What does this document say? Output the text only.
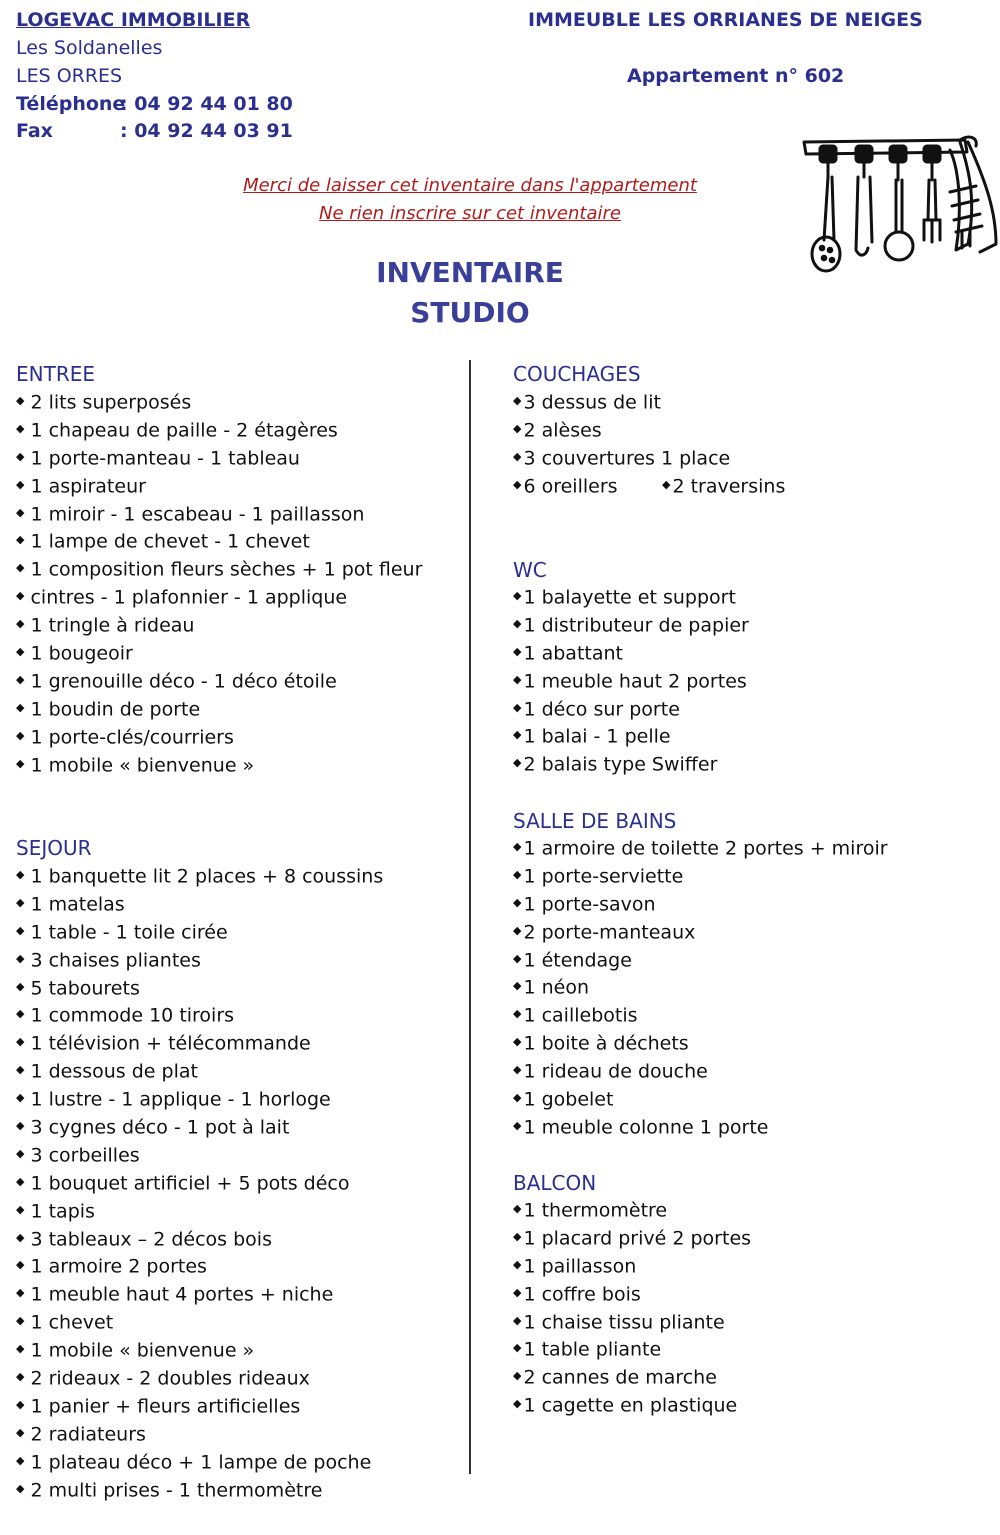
LOGEVAC IMMOBILIER
Les Soldanelles
LES ORRES
Téléphone
: 04 92 44 01 80
Fax	: 04 92 44 03 91
IMMEUBLE LES ORRIANES DE NEIGES
Appartement n° 602
Merci de laisser cet inventaire dans l'appartement
Ne rien inscrire sur cet inventaire
INVENTAIRE
STUDIO
ENTREE
◆ 2 lits superposés
◆ 1 chapeau de paille - 2 étagères
◆ 1 porte-manteau - 1 tableau
◆ 1 aspirateur
◆ 1 miroir - 1 escabeau - 1 paillasson
◆ 1 lampe de chevet - 1 chevet
◆ 1 composition fleurs sèches + 1 pot fleur
◆ cintres - 1 plafonnier - 1 applique
◆ 1 tringle à rideau
◆ 1 bougeoir
◆ 1 grenouille déco - 1 déco étoile
◆ 1 boudin de porte
◆ 1 porte-clés/courriers
◆ 1 mobile « bienvenue »
SEJOUR
◆ 1 banquette lit 2 places + 8 coussins
◆ 1 matelas
◆ 1 table - 1 toile cirée
◆ 3 chaises pliantes
◆ 5 tabourets
◆ 1 commode 10 tiroirs
◆ 1 télévision + télécommande
◆ 1 dessous de plat
◆ 1 lustre - 1 applique - 1 horloge
◆ 3 cygnes déco - 1 pot à lait
◆ 3 corbeilles
◆ 1 bouquet artificiel + 5 pots déco
◆ 1 tapis
◆ 3 tableaux – 2 décos bois
◆ 1 armoire 2 portes
◆ 1 meuble haut 4 portes + niche
◆ 1 chevet
◆ 1 mobile « bienvenue »
◆ 2 rideaux - 2 doubles rideaux
◆ 1 panier + fleurs artificielles
◆ 2 radiateurs
◆ 1 plateau déco + 1 lampe de poche
◆ 2 multi prises - 1 thermomètre
COUCHAGES
◆ 3 dessus de lit
◆ 2 alèses
◆ 3 couvertures 1 place
◆ 6 oreillers	◆ 2 traversins
WC
◆ 1 balayette et support
◆ 1 distributeur de papier
◆ 1 abattant
◆ 1 meuble haut 2 portes
◆ 1 déco sur porte
◆ 1 balai - 1 pelle
◆ 2 balais type Swiffer
SALLE DE BAINS
◆ 1 armoire de toilette 2 portes + miroir
◆ 1 porte-serviette
◆ 1 porte-savon
◆ 2 porte-manteaux
◆ 1 étendage
◆ 1 néon
◆ 1 caillebotis
◆ 1 boite à déchets
◆ 1 rideau de douche
◆ 1 gobelet
◆ 1 meuble colonne 1 porte
BALCON
◆ 1 thermomètre
◆ 1 placard privé 2 portes
◆ 1 paillasson
◆ 1 coffre bois
◆ 1 chaise tissu pliante
◆ 1 table pliante
◆ 2 cannes de marche
◆ 1 cagette en plastique
